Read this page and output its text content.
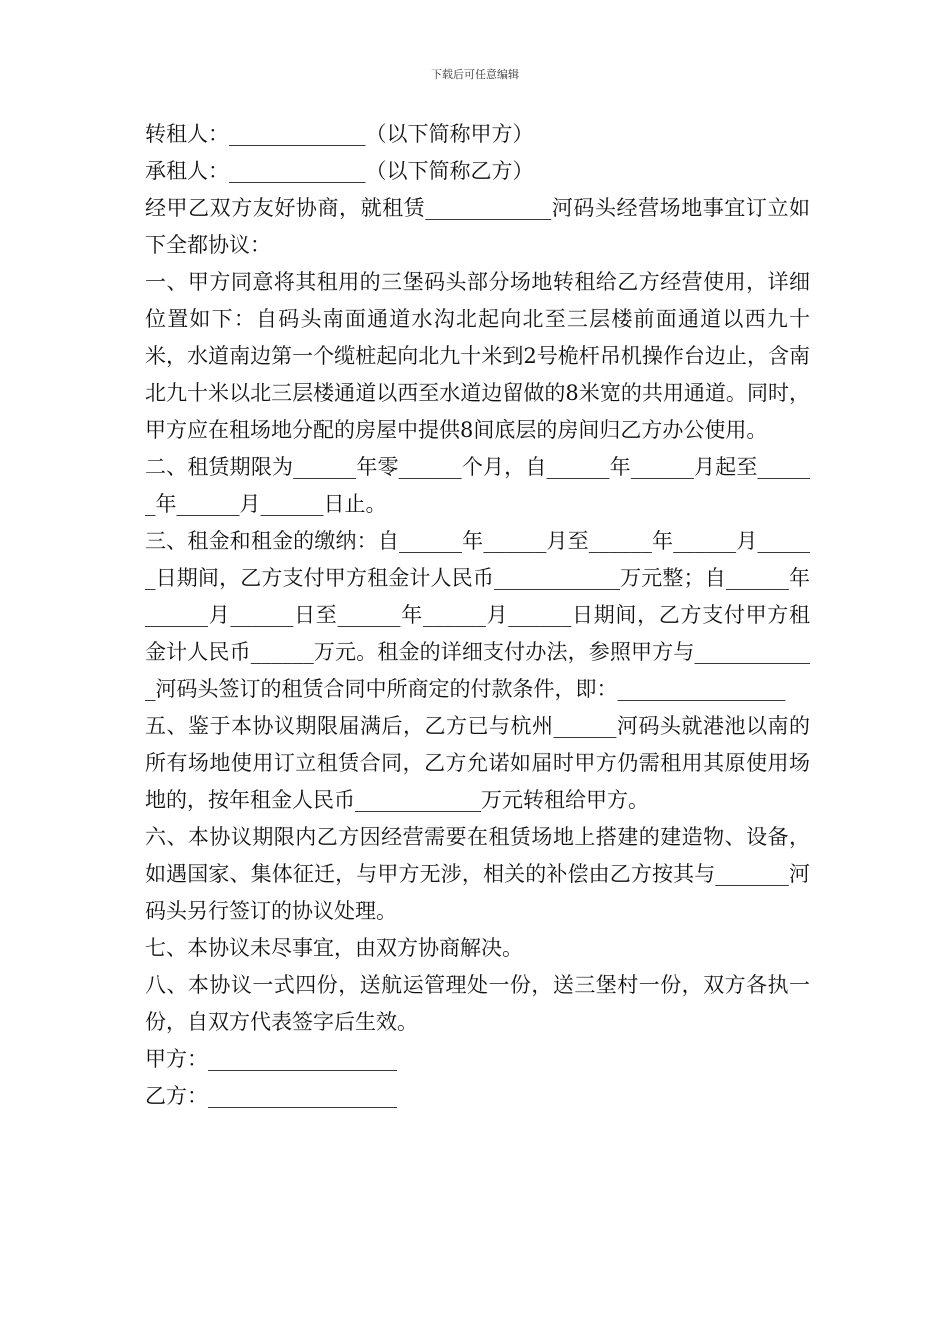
下载后可任意编辑

转租人：_____________（以下简称甲方）

承租人：_____________（以下简称乙方）

经甲乙双方友好协商，就租赁____________河码头经营场地事宜订立如下全都协议：

一、甲方同意将其租用的三堡码头部分场地转租给乙方经营使用，详细位置如下：自码头南面通道水沟北起向北至三层楼前面通道以西九十米，水道南边第一个缆桩起向北九十米到2号桅杆吊机操作台边止，含南北九十米以北三层楼通道以西至水道边留做的8米宽的共用通道。同时，甲方应在租场地分配的房屋中提供8间底层的房间归乙方办公使用。

二、租赁期限为______年零______个月，自______年______月起至______年______月______日止。

三、租金和租金的缴纳：自______年______月至______年______月______日期间，乙方支付甲方租金计人民币____________万元整；自______年______月______日至______年______月______日期间，乙方支付甲方租金计人民币______万元。租金的详细支付办法，参照甲方与____________河码头签订的租赁合同中所商定的付款条件，即：________________

五、鉴于本协议期限届满后，乙方已与杭州______河码头就港池以南的所有场地使用订立租赁合同，乙方允诺如届时甲方仍需租用其原使用场地的，按年租金人民币____________万元转租给甲方。

六、本协议期限内乙方因经营需要在租赁场地上搭建的建造物、设备，如遇国家、集体征迁，与甲方无涉，相关的补偿由乙方按其与_______河码头另行签订的协议处理。

七、本协议未尽事宜，由双方协商解决。

八、本协议一式四份，送航运管理处一份，送三堡村一份，双方各执一份，自双方代表签字后生效。

甲方：__________________

乙方：__________________
